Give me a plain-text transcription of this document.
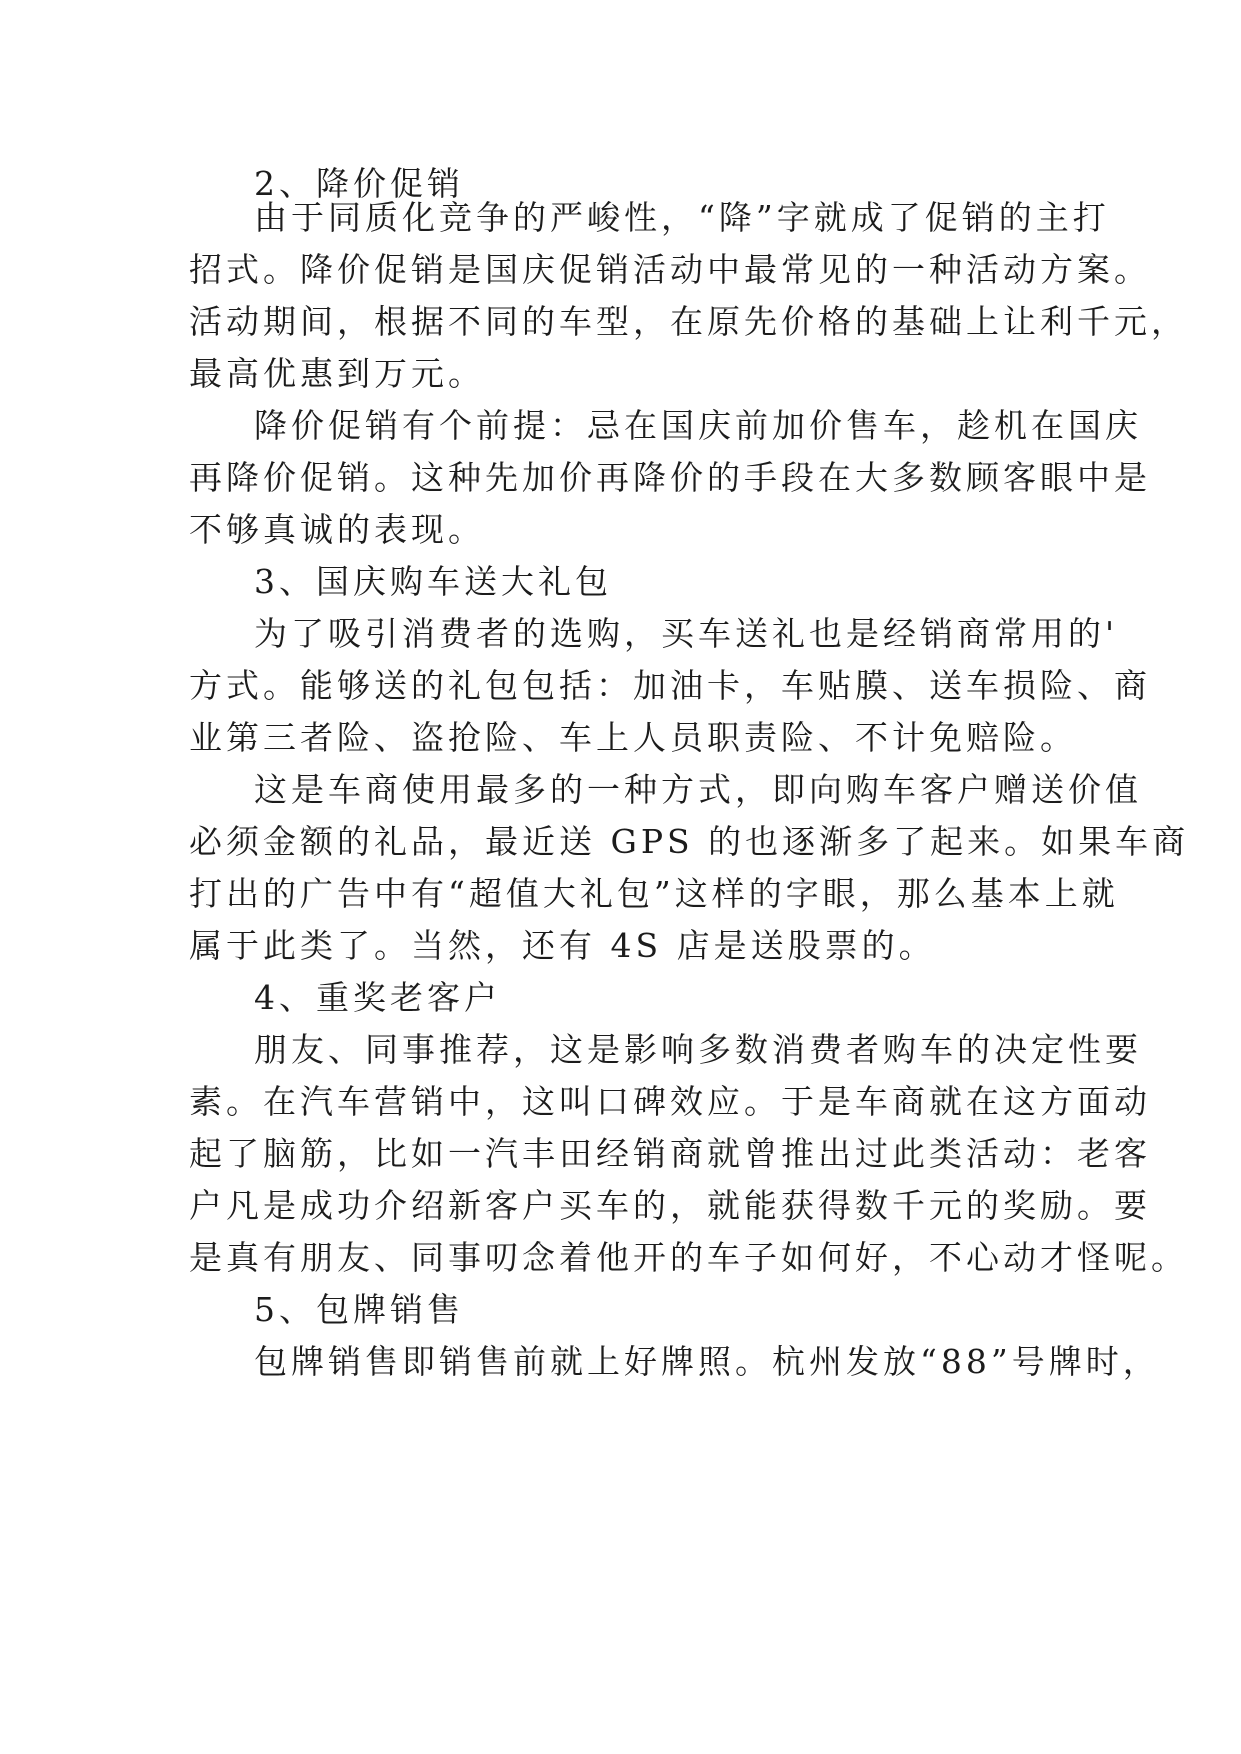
2、降价促销
由于同质化竞争的严峻性，“降”字就成了促销的主打
招式。降价促销是国庆促销活动中最常见的一种活动方案。
活动期间，根据不同的车型，在原先价格的基础上让利千元，
最高优惠到万元。
降价促销有个前提：忌在国庆前加价售车，趁机在国庆
再降价促销。这种先加价再降价的手段在大多数顾客眼中是
不够真诚的表现。
3、国庆购车送大礼包
为了吸引消费者的选购，买车送礼也是经销商常用的'
方式。能够送的礼包包括：加油卡，车贴膜、送车损险、商
业第三者险、盗抢险、车上人员职责险、不计免赔险。
这是车商使用最多的一种方式，即向购车客户赠送价值
必须金额的礼品，最近送 GPS 的也逐渐多了起来。如果车商
打出的广告中有“超值大礼包”这样的字眼，那么基本上就
属于此类了。当然，还有 4S 店是送股票的。
4、重奖老客户
朋友、同事推荐，这是影响多数消费者购车的决定性要
素。在汽车营销中，这叫口碑效应。于是车商就在这方面动
起了脑筋，比如一汽丰田经销商就曾推出过此类活动：老客
户凡是成功介绍新客户买车的，就能获得数千元的奖励。要
是真有朋友、同事叨念着他开的车子如何好，不心动才怪呢。
5、包牌销售
包牌销售即销售前就上好牌照。杭州发放“88”号牌时，
